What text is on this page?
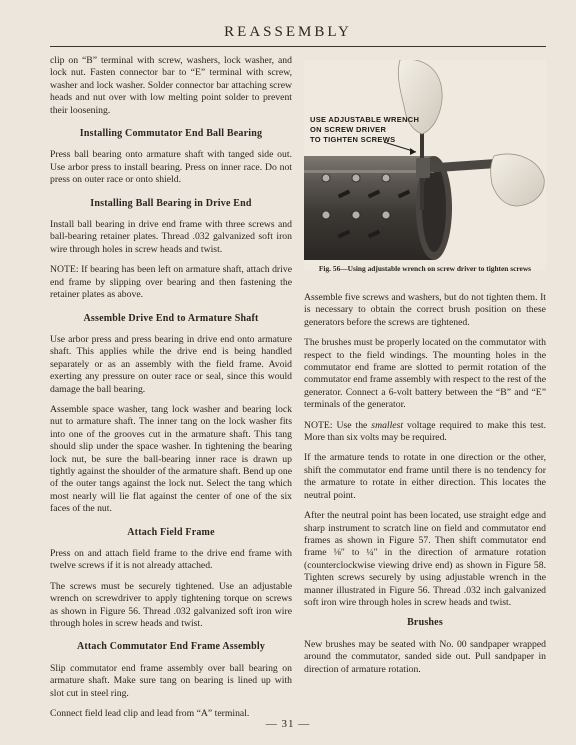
REASSEMBLY

clip on “B” terminal with screw, washers, lock washer, and lock nut. Fasten connector bar to “E” terminal with screw, washer and lock washer. Solder connector bar attaching screw heads and nut over with low melting point solder to prevent their loosening.

Installing Commutator End Ball Bearing

Press ball bearing onto armature shaft with tanged side out. Use arbor press to install bearing. Press on inner race. Do not press on outer race or onto shield.

Installing Ball Bearing in Drive End

Install ball bearing in drive end frame with three screws and ball-bearing retainer plates. Thread .032 galvanized soft iron wire through holes in screw heads and twist.

NOTE: If bearing has been left on armature shaft, attach drive end frame by slipping over bearing and then fastening the retainer plates as above.

Assemble Drive End to Armature Shaft

Use arbor press and press bearing in drive end onto armature shaft. This applies while the drive end is being handled separately or as an assembly with the field frame. Avoid exerting any pressure on outer race or seal, since this would damage the ball bearing.

Assemble space washer, tang lock washer and bearing lock nut to armature shaft. The inner tang on the lock washer fits into one of the grooves cut in the armature shaft. This tang should slip under the space washer. In tightening the bearing lock nut, be sure the ball-bearing inner race is drawn up tightly against the shoulder of the armature shaft. Bend up one of the outer tangs against the lock nut. Select the tang which most nearly will lie flat against the center of one of the six faces of the nut.

Attach Field Frame

Press on and attach field frame to the drive end frame with twelve screws if it is not already attached.

The screws must be securely tightened. Use an adjustable wrench on screwdriver to apply tightening torque on screws as shown in Figure 56. Thread .032 galvanized soft iron wire through holes in screw heads and twist.

Attach Commutator End Frame Assembly

Slip commutator end frame assembly over ball bearing on armature shaft. Make sure tang on bearing is lined up with slot cut in steel ring.

Connect field lead clip and lead from “A” terminal.

USE ADJUSTABLE WRENCH
ON SCREW DRIVER
TO TIGHTEN SCREWS
Fig. 56—Using adjustable wrench on screw driver to tighten screws

Assemble five screws and washers, but do not tighten them. It is necessary to obtain the correct brush position on these generators before the screws are tightened.

The brushes must be properly located on the commutator with respect to the field windings. The mounting holes in the commutator end frame are slotted to permit rotation of the commutator end frame assembly with respect to the rest of the generator. Connect a 6-volt battery between the “B” and “E” terminals of the generator.

NOTE: Use the smallest voltage required to make this test. More than six volts may be required.

If the armature tends to rotate in one direction or the other, shift the commutator end frame until there is no tendency for the armature to rotate in either direction. This locates the neutral point.

After the neutral point has been located, use straight edge and sharp instrument to scratch line on field and commutator end frames as shown in Figure 57. Then shift commutator end frame ⅛″ to ¼″ in the direction of armature rotation (counterclockwise viewing drive end) as shown in Figure 58. Tighten screws securely by using adjustable wrench in the manner illustrated in Figure 56. Thread .032 inch galvanized soft iron wire through holes in screw heads and twist.

Brushes

New brushes may be seated with No. 00 sandpaper wrapped around the commutator, sanded side out. Pull sandpaper in direction of armature rotation.

— 31 —
